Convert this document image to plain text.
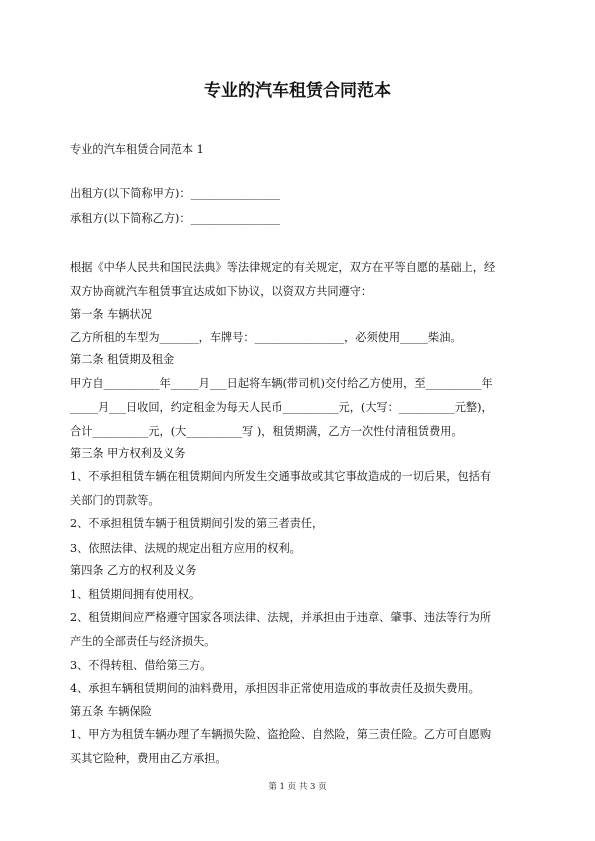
专业的汽车租赁合同范本
专业的汽车租赁合同范本 1
出租方(以下简称甲方)：________________
承租方(以下简称乙方)：________________
根据《中华人民共和国民法典》等法律规定的有关规定，双方在平等自愿的基础上，经
双方协商就汽车租赁事宜达成如下协议，以资双方共同遵守：
第一条 车辆状况
乙方所租的车型为_______，车牌号：________________，必须使用_____柴油。
第二条 租赁期及租金
甲方自__________年_____月___日起将车辆(带司机)交付给乙方使用，至__________年
_____月___日收回，约定租金为每天人民币__________元，(大写：__________元整)，
合计__________元，(大__________写 )，租赁期满，乙方一次性付清租赁费用。
第三条 甲方权利及义务
1、不承担租赁车辆在租赁期间内所发生交通事故或其它事故造成的一切后果，包括有
关部门的罚款等。
2、不承担租赁车辆于租赁期间引发的第三者责任，
3、依照法律、法规的规定出租方应用的权利。
第四条 乙方的权利及义务
1、租赁期间拥有使用权。
2、租赁期间应严格遵守国家各项法律、法规，并承担由于违章、肇事、违法等行为所
产生的全部责任与经济损失。
3、不得转租、借给第三方。
4、承担车辆租赁期间的油料费用，承担因非正常使用造成的事故责任及损失费用。
第五条 车辆保险
1、甲方为租赁车辆办理了车辆损失险、盗抢险、自然险，第三责任险。乙方可自愿购
买其它险种，费用由乙方承担。
第 1 页 共 3 页
